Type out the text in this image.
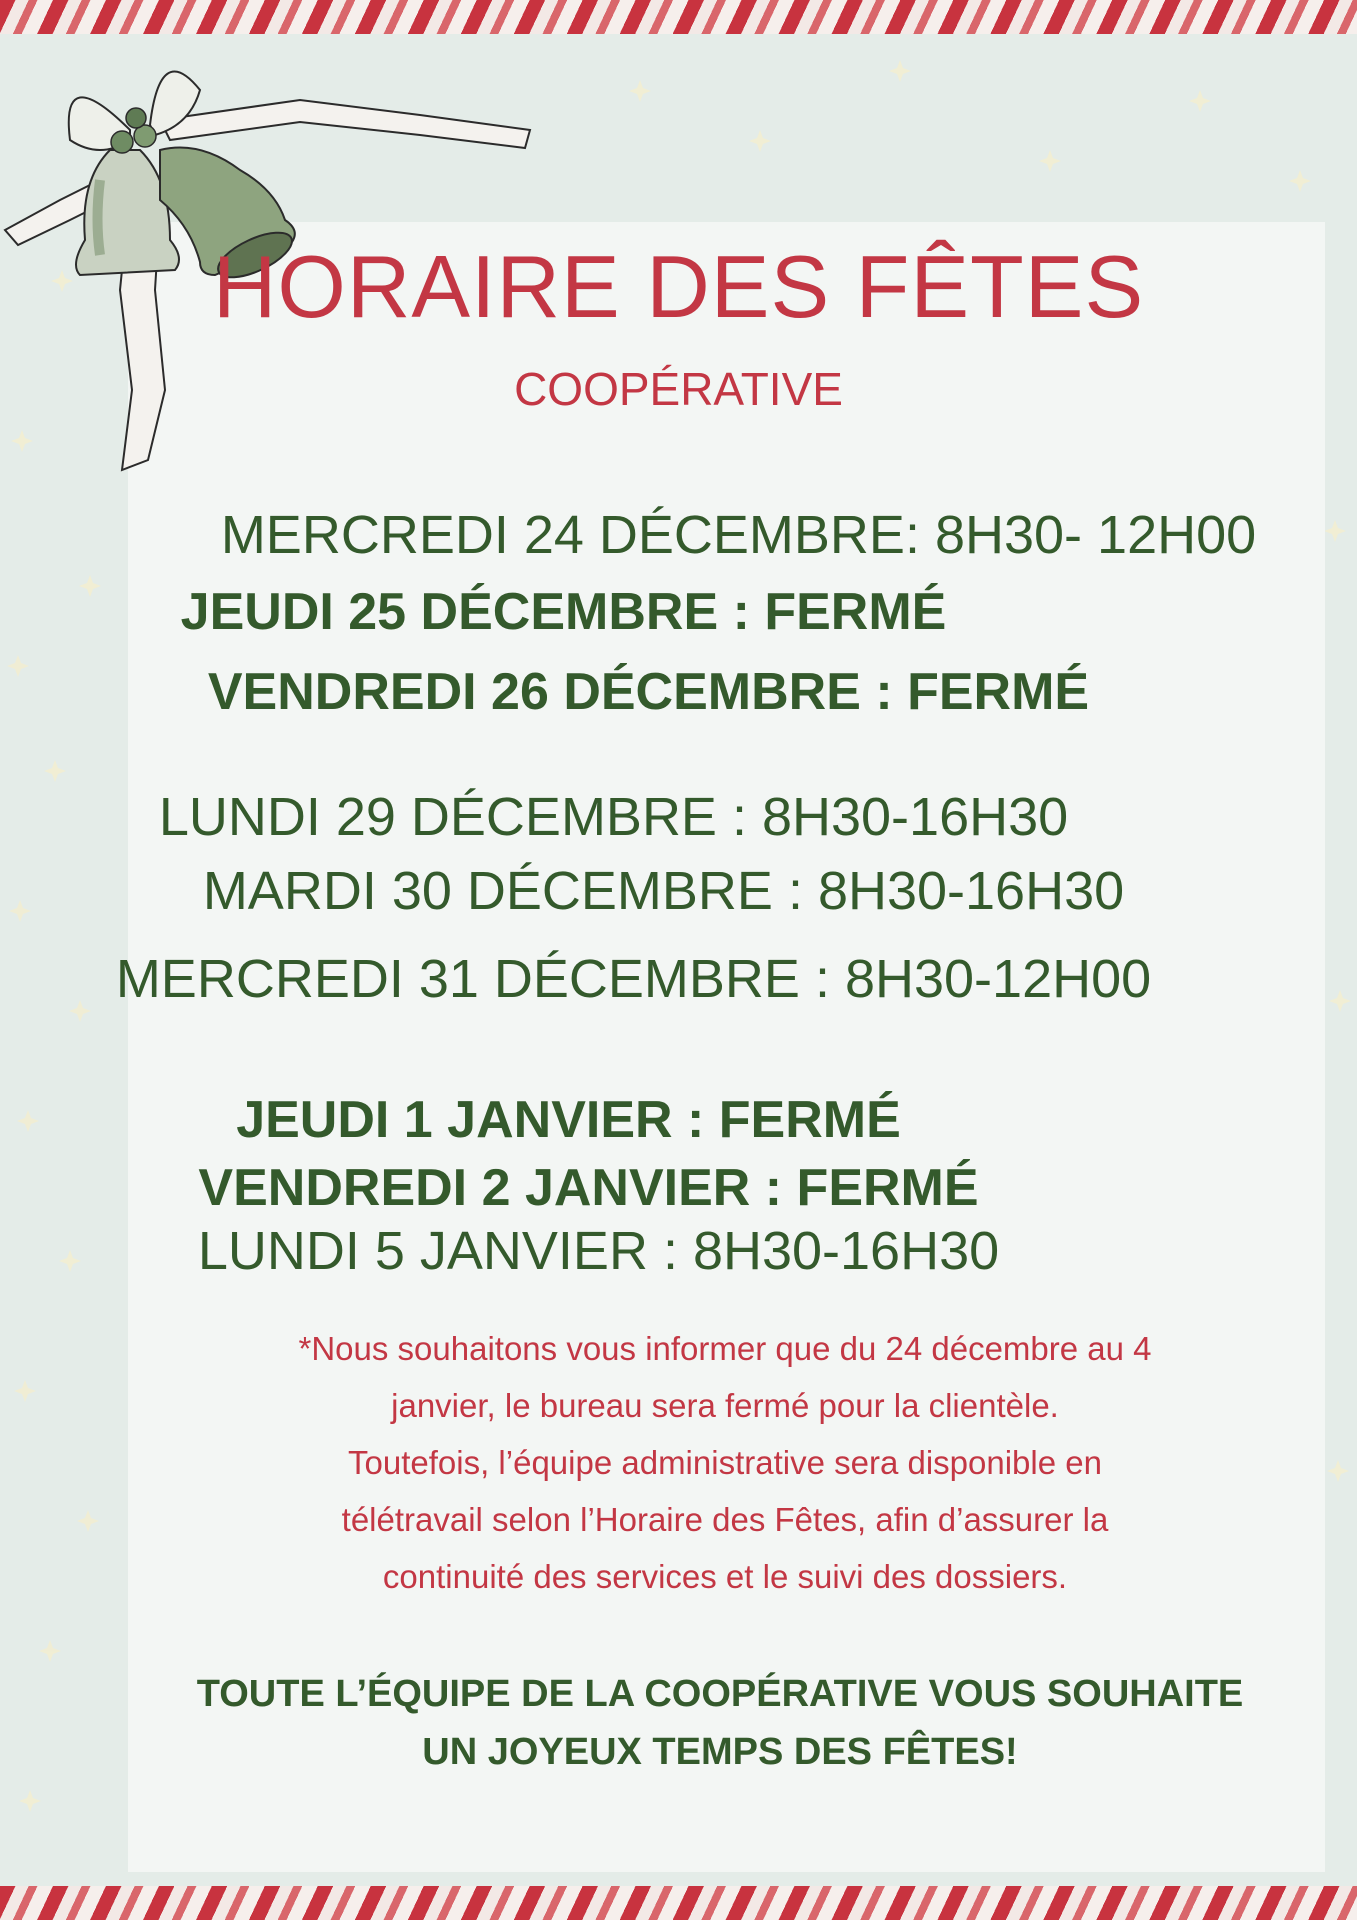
HORAIRE DES FÊTES
COOPÉRATIVE
MERCREDI 24 DÉCEMBRE: 8H30- 12H00
JEUDI 25 DÉCEMBRE : FERMÉ
VENDREDI 26 DÉCEMBRE : FERMÉ
LUNDI 29 DÉCEMBRE : 8H30-16H30
MARDI 30 DÉCEMBRE : 8H30-16H30
MERCREDI 31 DÉCEMBRE : 8H30-12H00
JEUDI 1 JANVIER : FERMÉ
VENDREDI 2 JANVIER : FERMÉ
LUNDI 5 JANVIER : 8H30-16H30
*Nous souhaitons vous informer que du 24 décembre au 4
janvier, le bureau sera fermé pour la clientèle.
Toutefois, l’équipe administrative sera disponible en
télétravail selon l’Horaire des Fêtes, afin d’assurer la
continuité des services et le suivi des dossiers.
TOUTE L’ÉQUIPE DE LA COOPÉRATIVE VOUS SOUHAITE
UN JOYEUX TEMPS DES FÊTES!
